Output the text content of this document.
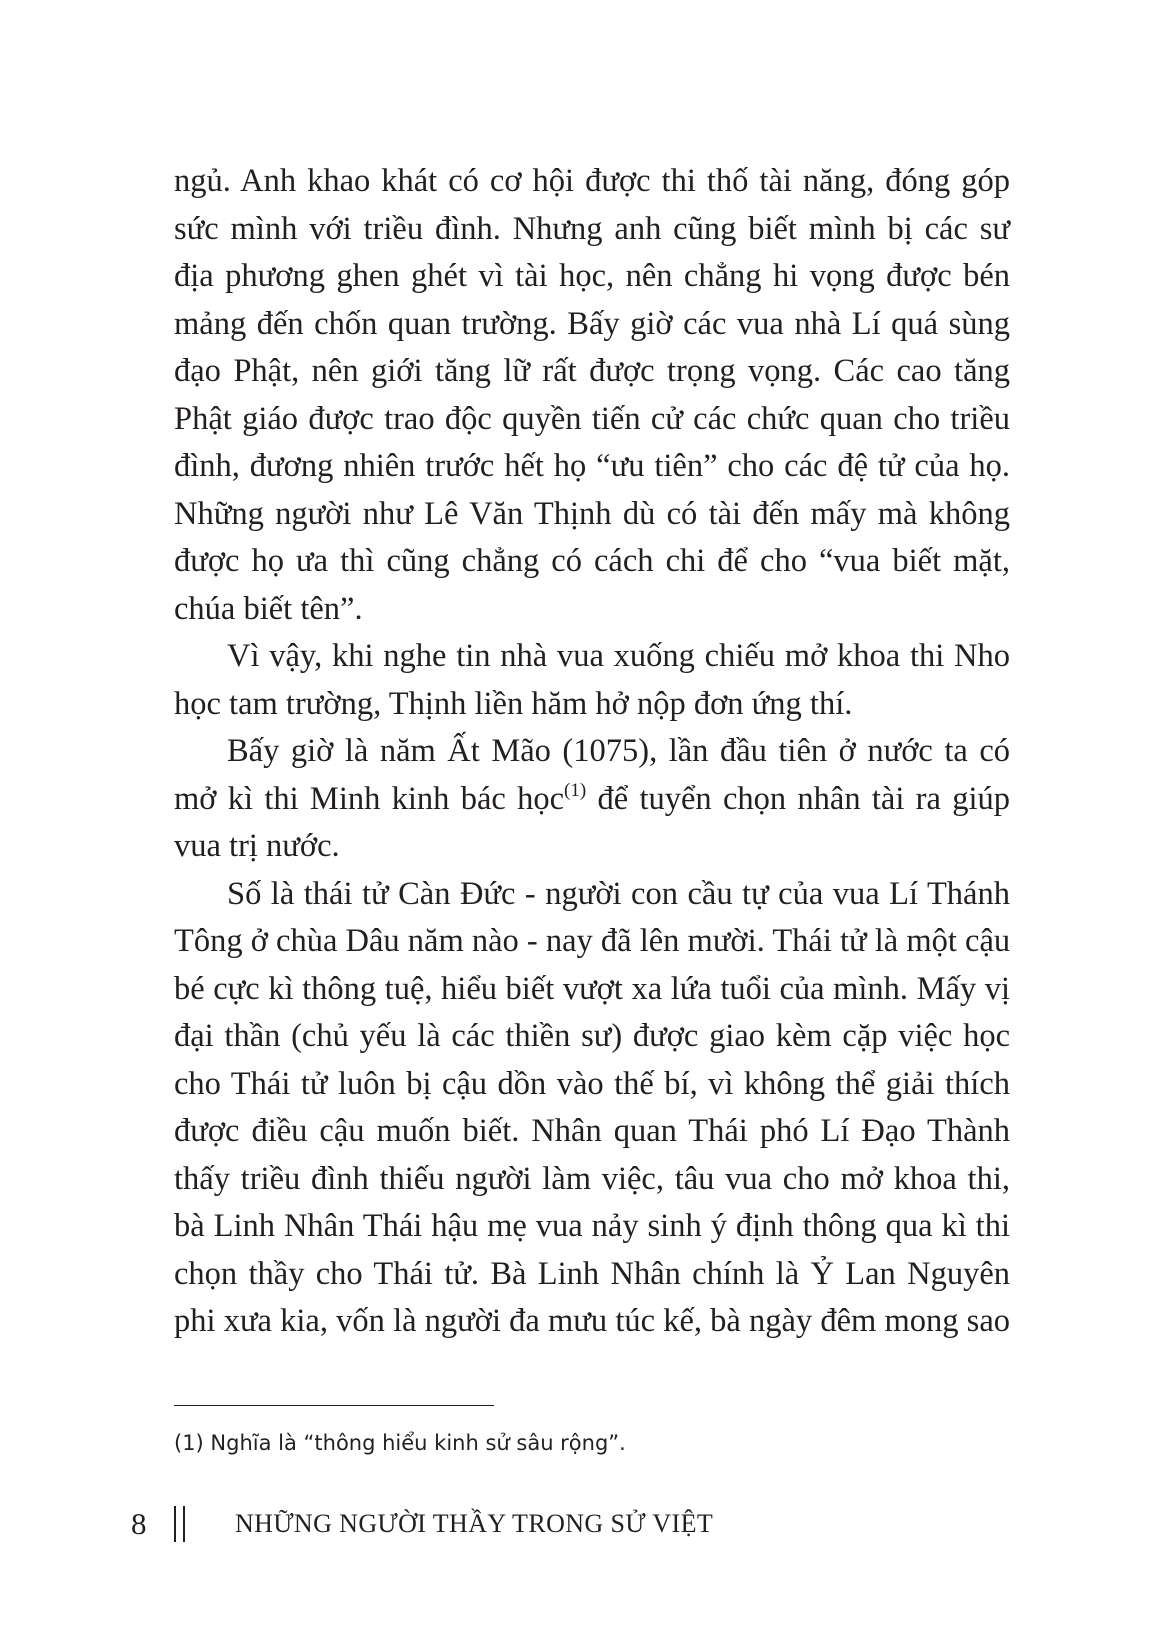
ngủ. Anh khao khát có cơ hội được thi thố tài năng, đóng góp
sức mình với triều đình. Nhưng anh cũng biết mình bị các sư
địa phương ghen ghét vì tài học, nên chẳng hi vọng được bén
mảng đến chốn quan trường. Bấy giờ các vua nhà Lí quá sùng
đạo Phật, nên giới tăng lữ rất được trọng vọng. Các cao tăng
Phật giáo được trao độc quyền tiến cử các chức quan cho triều
đình, đương nhiên trước hết họ “ưu tiên” cho các đệ tử của họ.
Những người như Lê Văn Thịnh dù có tài đến mấy mà không
được họ ưa thì cũng chẳng có cách chi để cho “vua biết mặt,
chúa biết tên”.
Vì vậy, khi nghe tin nhà vua xuống chiếu mở khoa thi Nho
học tam trường, Thịnh liền hăm hở nộp đơn ứng thí.
Bấy giờ là năm Ất Mão (1075), lần đầu tiên ở nước ta có
mở kì thi Minh kinh bác học$^{(1)}$ để tuyển chọn nhân tài ra giúp
vua trị nước.
Số là thái tử Càn Đức - người con cầu tự của vua Lí Thánh
Tông ở chùa Dâu năm nào - nay đã lên mười. Thái tử là một cậu
bé cực kì thông tuệ, hiểu biết vượt xa lứa tuổi của mình. Mấy vị
đại thần (chủ yếu là các thiền sư) được giao kèm cặp việc học
cho Thái tử luôn bị cậu dồn vào thế bí, vì không thể giải thích
được điều cậu muốn biết. Nhân quan Thái phó Lí Đạo Thành
thấy triều đình thiếu người làm việc, tâu vua cho mở khoa thi,
bà Linh Nhân Thái hậu mẹ vua nảy sinh ý định thông qua kì thi
chọn thầy cho Thái tử. Bà Linh Nhân chính là Ỷ Lan Nguyên
phi xưa kia, vốn là người đa mưu túc kế, bà ngày đêm mong sao
(1) Nghĩa là “thông hiểu kinh sử sâu rộng”.
8	NHỮNG NGƯỜI THẦY TRONG SỬ VIỆT
